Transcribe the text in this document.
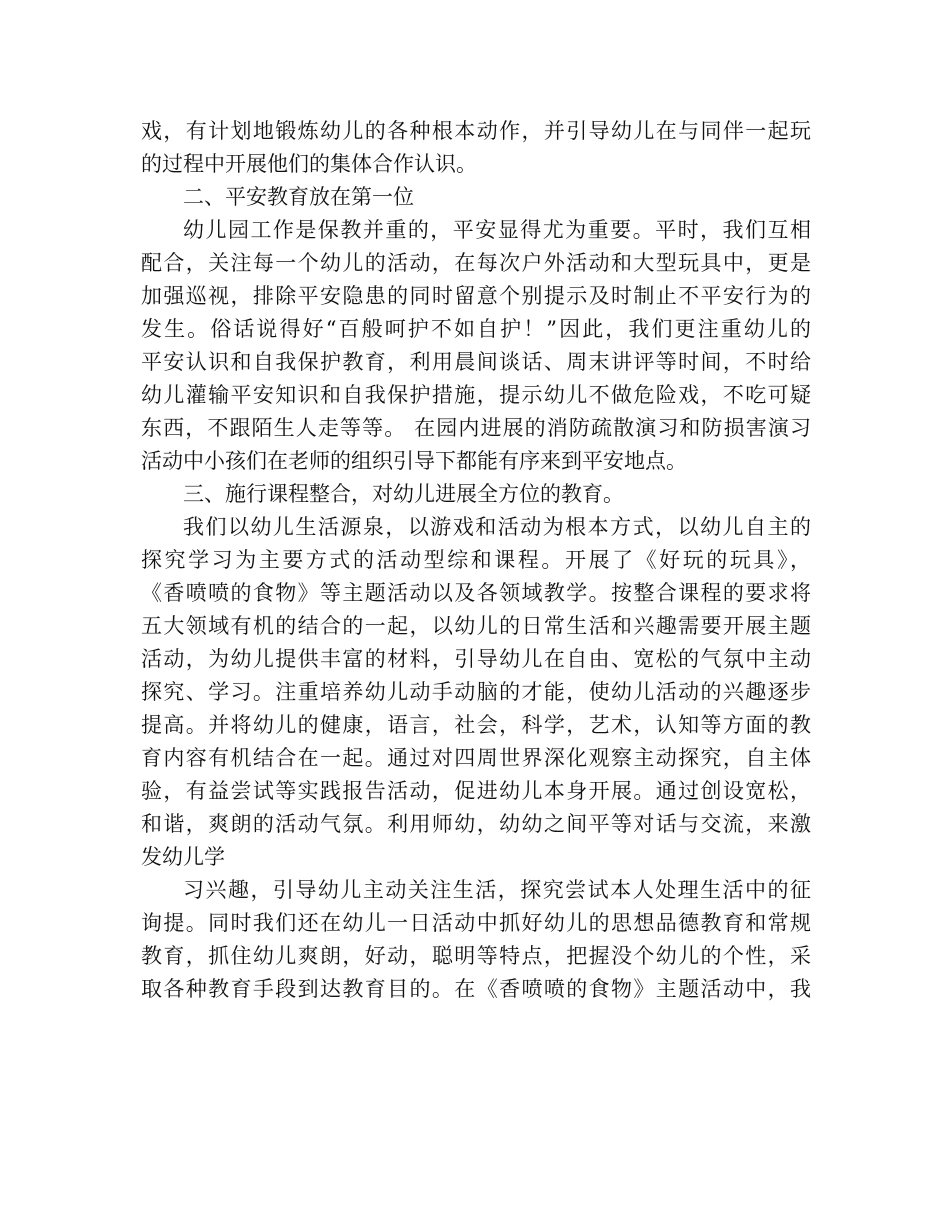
戏，有计划地锻炼幼儿的各种根本动作，并引导幼儿在与同伴一起玩
的过程中开展他们的集体合作认识。
二、平安教育放在第一位
幼儿园工作是保教并重的，平安显得尤为重要。平时，我们互相
配合，关注每一个幼儿的活动，在每次户外活动和大型玩具中，更是
加强巡视，排除平安隐患的同时留意个别提示及时制止不平安行为的
发生。俗话说得好“百般呵护不如自护！”因此，我们更注重幼儿的
平安认识和自我保护教育，利用晨间谈话、周末讲评等时间，不时给
幼儿灌输平安知识和自我保护措施，提示幼儿不做危险戏，不吃可疑
东西，不跟陌生人走等等。 在园内进展的消防疏散演习和防损害演习
活动中小孩们在老师的组织引导下都能有序来到平安地点。
三、施行课程整合，对幼儿进展全方位的教育。
我们以幼儿生活源泉，以游戏和活动为根本方式，以幼儿自主的
探究学习为主要方式的活动型综和课程。开展了《好玩的玩具》，
《香喷喷的食物》等主题活动以及各领域教学。按整合课程的要求将
五大领域有机的结合的一起，以幼儿的日常生活和兴趣需要开展主题
活动，为幼儿提供丰富的材料，引导幼儿在自由、宽松的气氛中主动
探究、学习。注重培养幼儿动手动脑的才能，使幼儿活动的兴趣逐步
提高。并将幼儿的健康，语言，社会，科学，艺术，认知等方面的教
育内容有机结合在一起。通过对四周世界深化观察主动探究，自主体
验，有益尝试等实践报告活动，促进幼儿本身开展。通过创设宽松，
和谐，爽朗的活动气氛。利用师幼，幼幼之间平等对话与交流，来激
发幼儿学
习兴趣，引导幼儿主动关注生活，探究尝试本人处理生活中的征
询提。同时我们还在幼儿一日活动中抓好幼儿的思想品德教育和常规
教育，抓住幼儿爽朗，好动，聪明等特点，把握没个幼儿的个性，采
取各种教育手段到达教育目的。在《香喷喷的食物》主题活动中，我
